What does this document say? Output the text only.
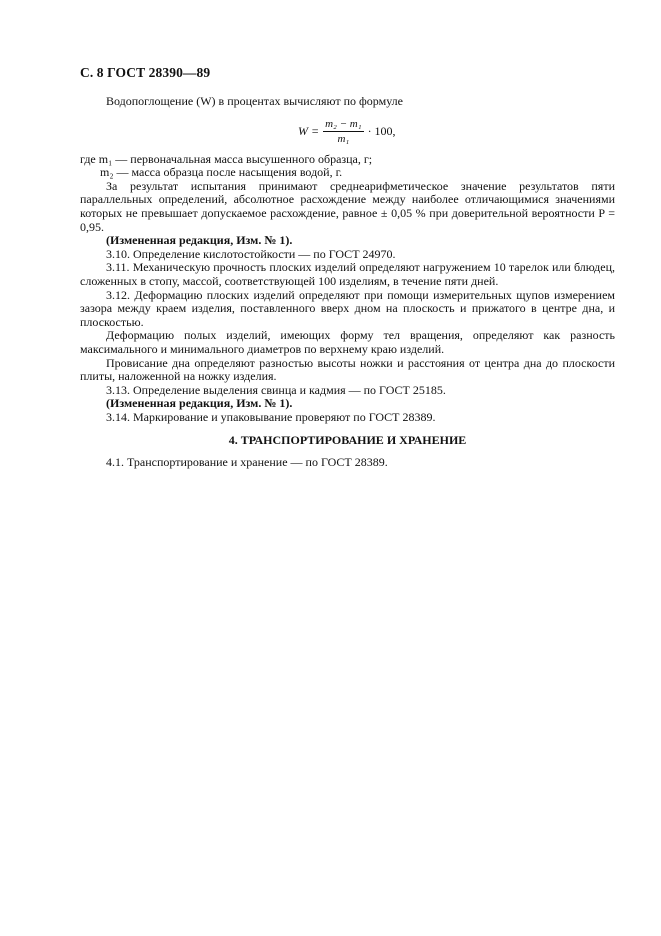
С. 8 ГОСТ 28390—89

Водопоглощение (W) в процентах вычисляют по формуле

$W = \frac{\text{m₂ − m₁}}{\text{m₁}} \cdot 100$,

где m₁ — первоначальная масса высушенного образца, г;

m₂ — масса образца после насыщения водой, г.

За результат испытания принимают среднеарифметическое значение результатов пяти параллельных определений, абсолютное расхождение между наиболее отличающимися значениями которых не превышает допускаемое расхождение, равное ± 0,05 % при доверительной вероятности P = 0,95.

(Измененная редакция, Изм. № 1).

3.10. Определение кислотостойкости — по ГОСТ 24970.

3.11. Механическую прочность плоских изделий определяют нагружением 10 тарелок или блюдец, сложенных в стопу, массой, соответствующей 100 изделиям, в течение пяти дней.

3.12. Деформацию плоских изделий определяют при помощи измерительных щупов измерением зазора между краем изделия, поставленного вверх дном на плоскость и прижатого в центре дна, и плоскостью.

Деформацию полых изделий, имеющих форму тел вращения, определяют как разность максимального и минимального диаметров по верхнему краю изделий.

Провисание дна определяют разностью высоты ножки и расстояния от центра дна до плоскости плиты, наложенной на ножку изделия.

3.13. Определение выделения свинца и кадмия — по ГОСТ 25185.

(Измененная редакция, Изм. № 1).

3.14. Маркирование и упаковывание проверяют по ГОСТ 28389.

4. ТРАНСПОРТИРОВАНИЕ И ХРАНЕНИЕ

4.1. Транспортирование и хранение — по ГОСТ 28389.
